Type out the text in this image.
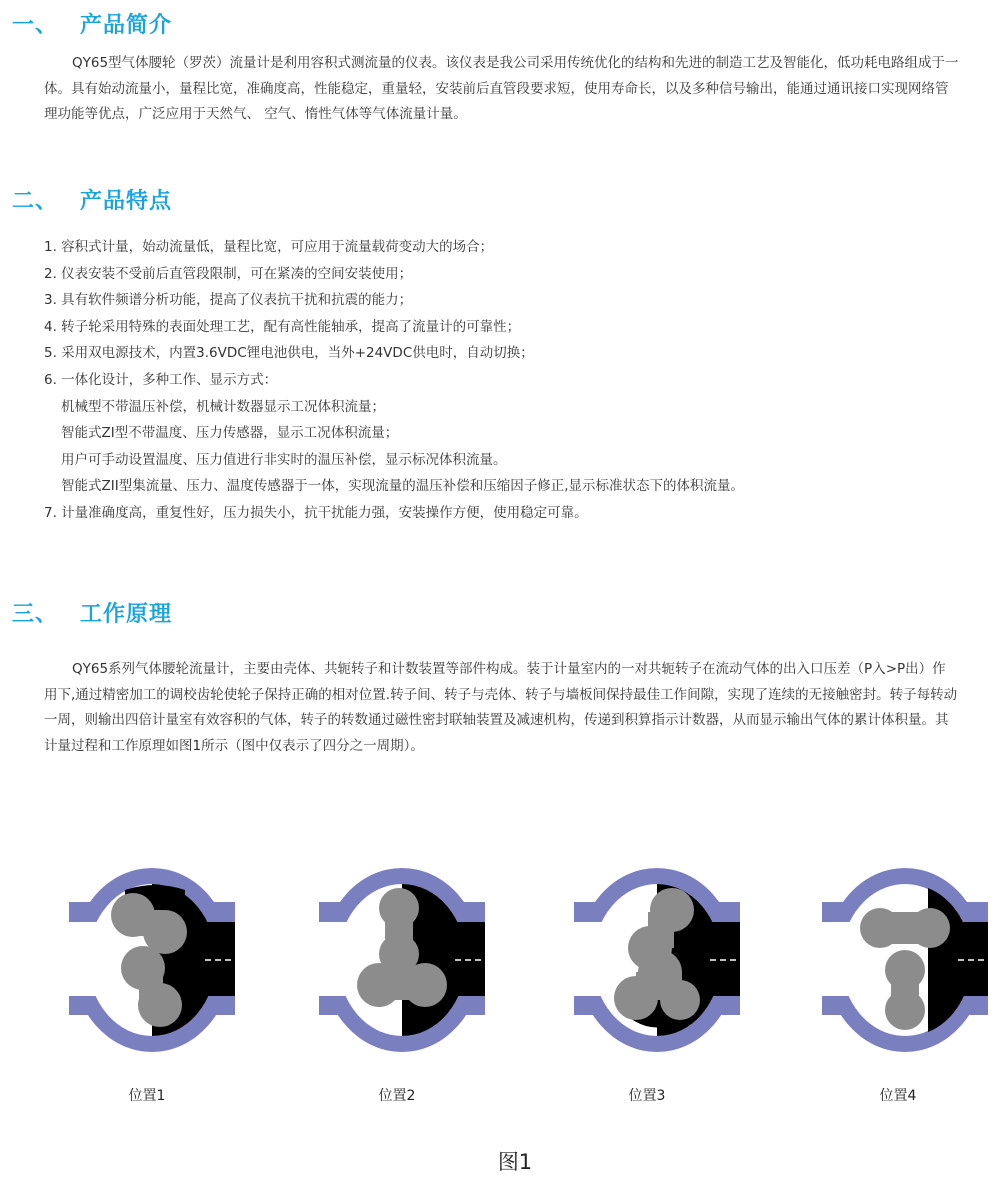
一、 产品简介

QY65型气体腰轮（罗茨）流量计是利用容积式测流量的仪表。该仪表是我公司采用传统优化的结构和先进的制造工艺及智能化，低功耗电路组成于一体。具有始动流量小，量程比宽，准确度高，性能稳定，重量轻，安装前后直管段要求短，使用寿命长，以及多种信号输出，能通过通讯接口实现网络管理功能等优点，广泛应用于天然气、 空气、惰性气体等气体流量计量。

二、 产品特点
1. 容积式计量，始动流量低，量程比宽，可应用于流量载荷变动大的场合；
2. 仪表安装不受前后直管段限制，可在紧凑的空间安装使用；
3. 具有软件频谱分析功能，提高了仪表抗干扰和抗震的能力；
4. 转子轮采用特殊的表面处理工艺，配有高性能轴承，提高了流量计的可靠性；
5. 采用双电源技术，内置3.6VDC锂电池供电，当外+24VDC供电时，自动切换；
6. 一体化设计，多种工作、显示方式：
机械型不带温压补偿，机械计数器显示工况体积流量；
智能式ZI型不带温度、压力传感器，显示工况体积流量；
用户可手动设置温度、压力值进行非实时的温压补偿，显示标况体积流量。
智能式ZII型集流量、压力、温度传感器于一体，实现流量的温压补偿和压缩因子修正,显示标准状态下的体积流量。
7. 计量准确度高，重复性好，压力损失小，抗干扰能力强，安装操作方便，使用稳定可靠。
三、 工作原理

QY65系列气体腰轮流量计，主要由壳体、共轭转子和计数装置等部件构成。装于计量室内的一对共轭转子在流动气体的出入口压差（P入>P出）作用下,通过精密加工的调校齿轮使轮子保持正确的相对位置.转子间、转子与壳体、转子与墙板间保持最佳工作间隙，实现了连续的无接触密封。转子每转动一周，则输出四倍计量室有效容积的气体，转子的转数通过磁性密封联轴装置及减速机构，传递到积算指示计数器，从而显示输出气体的累计体积量。其计量过程和工作原理如图1所示（图中仅表示了四分之一周期）。

位置1	位置2	位置3	位置4
图1
